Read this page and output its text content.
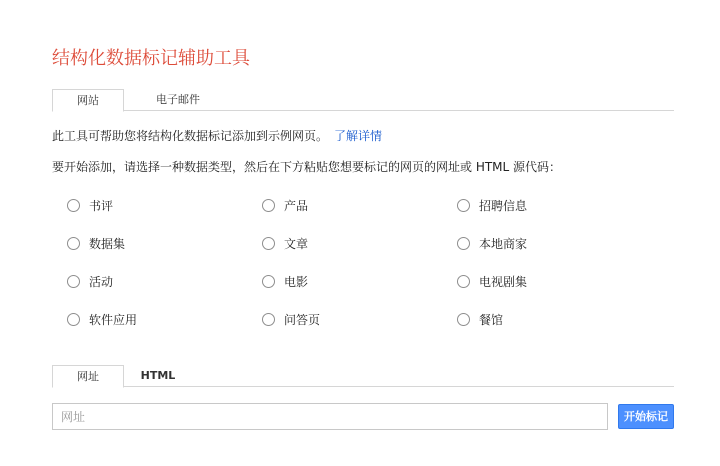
结构化数据标记辅助工具
网站	电子邮件
此工具可帮助您将结构化数据标记添加到示例网页。 了解详情
要开始添加，请选择一种数据类型，然后在下方粘贴您想要标记的网页的网址或 HTML 源代码：
书评	产品	招聘信息
数据集	文章	本地商家
活动	电影	电视剧集
软件应用	问答页	餐馆
网址	HTML
网址
开始标记
